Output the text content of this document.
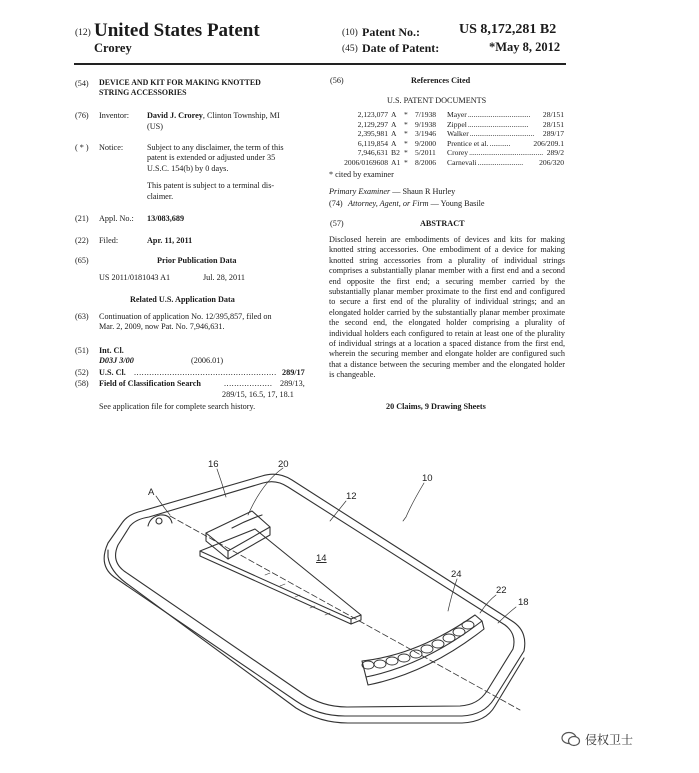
(12) United States Patent
Crorey
(10) Patent No.:	US 8,172,281 B2
(45) Date of Patent:	*May 8, 2012
(54) DEVICE AND KIT FOR MAKING KNOTTED
STRING ACCESSORIES
(76) Inventor: David J. Crorey, Clinton Township, MI
(US)
( * ) Notice:	Subject to any disclaimer, the term of this
patent is extended or adjusted under 35
U.S.C. 154(b) by 0 days.
This patent is subject to a terminal dis-
claimer.
(21) Appl. No.: 13/083,689
(22) Filed:	Apr. 11, 2011
(65)	Prior Publication Data
US 2011/0181043 A1	Jul. 28, 2011
Related U.S. Application Data
(63) Continuation of application No. 12/395,857, filed on
Mar. 2, 2009, now Pat. No. 7,946,631.
(51) Int. Cl.
D03J 3/00	(2006.01)
(52) U.S. Cl. ........................................................ 289/17
(58) Field of Classification Search	................... 289/13,
289/15, 16.5, 17, 18.1
See application file for complete search history.
(56)	References Cited
U.S. PATENT DOCUMENTS
2,123,077 A * 7/1938	Mayer	28/151
.................................
2,129,297 A * 9/1938	Zippel	28/151
................................
2,395,981 A * 3/1946	Walker	289/17
..................................
6,119,854 A * 9/2000	Prentice et al.	206/209.1
...........
7,946,631 B2 * 5/2011	Crorey	289/2
.......................................
2006/0169608 A1 * 8/2006	Carnevali	206/320
........................
* cited by examiner
Primary Examiner — Shaun R Hurley
(74) Attorney, Agent, or Firm — Young Basile
(57)	ABSTRACT
Disclosed herein are embodiments of devices and kits for making knotted string accessories. One embodiment of a device for making knotted string accessories from a plurality of individual strings comprises a substantially planar member with a first end and a second end opposite the first end; a securing member carried by the substantially planar member proximate to the first end and configured to secure a first end of the plurality of individual strings; and an elongated holder carried by the substantially planar member proximate the second end, the elongated holder comprising a plurality of individual holders each configured to retain at least one of the plurality of individual strings at a location a spaced distance from the first end, wherein the securing member and elongate holder are configured such that a distance between the securing member and the elongated holder is changeable.
20 Claims, 9 Drawing Sheets
16	20
A	12
10
14
24
22
18
侵权卫士
